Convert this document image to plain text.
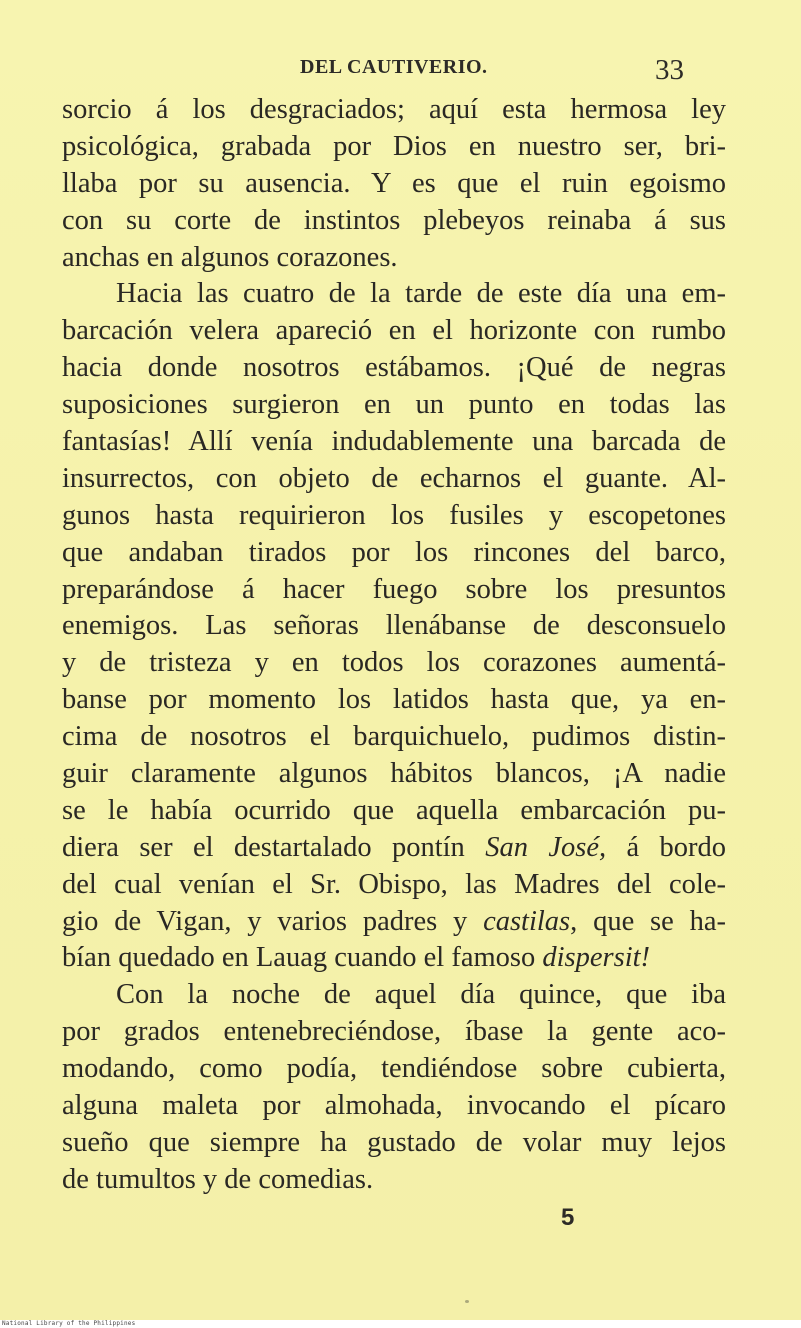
DEL CAUTIVERIO.	33
sorcio á los desgraciados; aquí esta hermosa ley
psicológica, grabada por Dios en nuestro ser, bri-
llaba por su ausencia. Y es que el ruin egoismo
con su corte de instintos plebeyos reinaba á sus
anchas en algunos corazones.
Hacia las cuatro de la tarde de este día una em-
barcación velera apareció en el horizonte con rumbo
hacia donde nosotros estábamos. ¡Qué de negras
suposiciones surgieron en un punto en todas las
fantasías! Allí venía indudablemente una barcada de
insurrectos, con objeto de echarnos el guante. Al-
gunos hasta requirieron los fusiles y escopetones
que andaban tirados por los rincones del barco,
preparándose á hacer fuego sobre los presuntos
enemigos. Las señoras llenábanse de desconsuelo
y de tristeza y en todos los corazones aumentá-
banse por momento los latidos hasta que, ya en-
cima de nosotros el barquichuelo, pudimos distin-
guir claramente algunos hábitos blancos, ¡A nadie
se le había ocurrido que aquella embarcación pu-
diera ser el destartalado pontín San José, á bordo
del cual venían el Sr. Obispo, las Madres del cole-
gio de Vigan, y varios padres y castilas, que se ha-
bían quedado en Lauag cuando el famoso dispersit!
Con la noche de aquel día quince, que iba
por grados entenebreciéndose, íbase la gente aco-
modando, como podía, tendiéndose sobre cubierta,
alguna maleta por almohada, invocando el pícaro
sueño que siempre ha gustado de volar muy lejos
de tumultos y de comedias.
5
National Library of the Philippines
